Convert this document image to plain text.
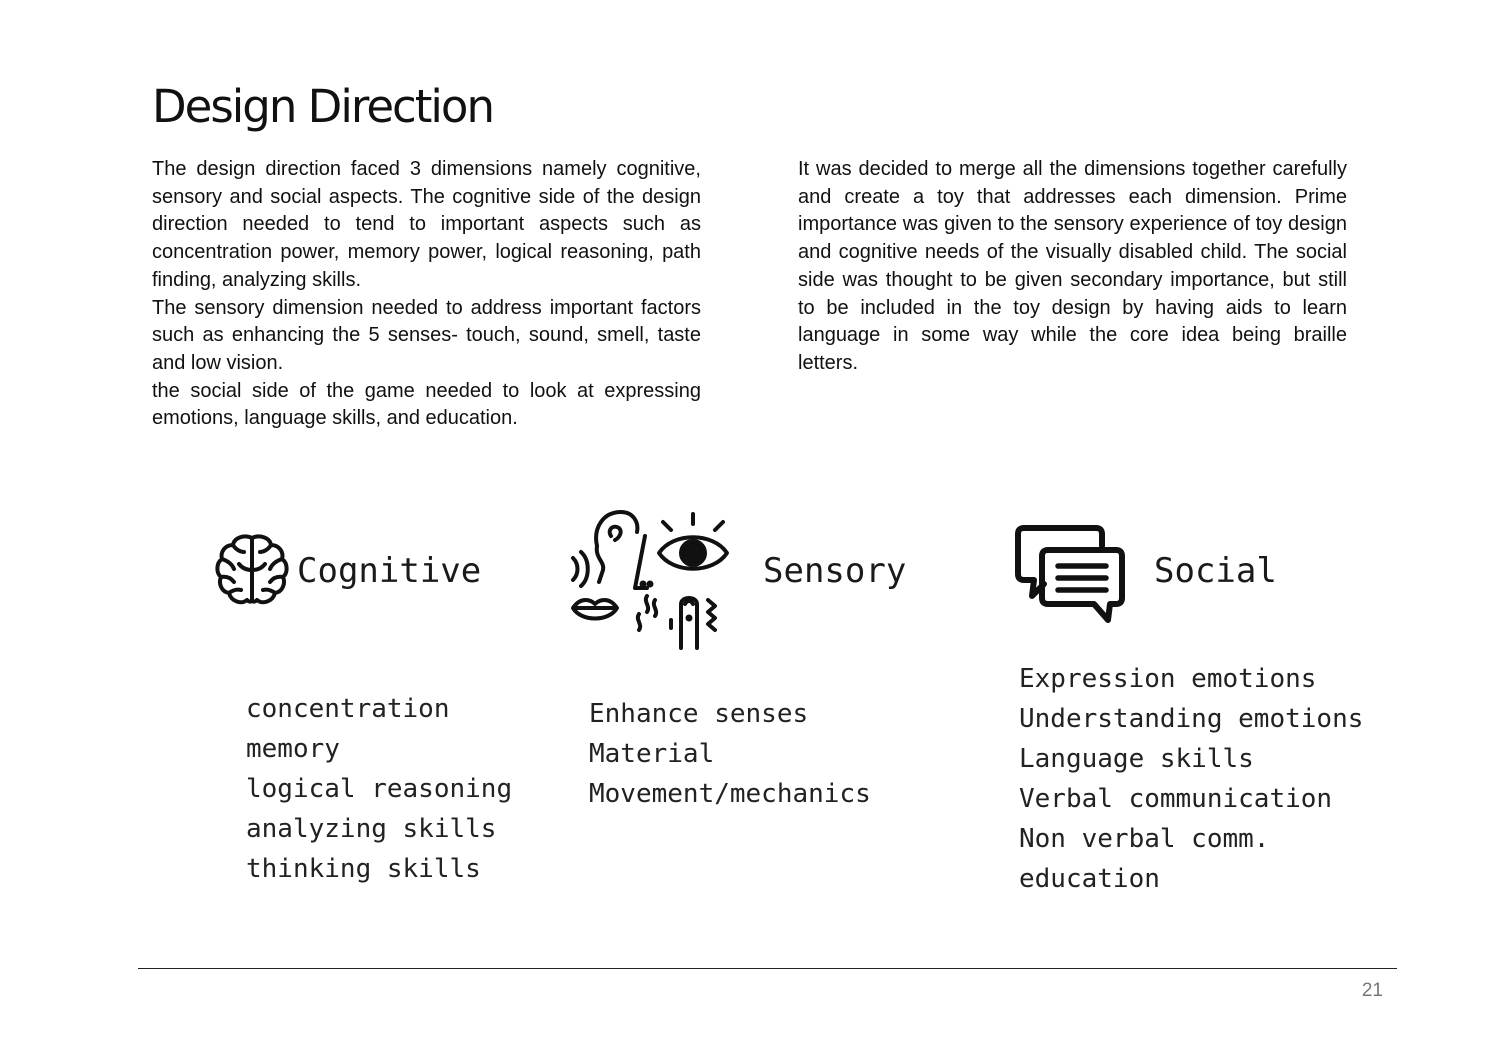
Design Direction

The design direction faced 3 dimensions namely cognitive, sensory and social aspects. The cognitive side of the design direction needed to tend to important aspects such as concentration power, memory power, logical reasoning, path finding, analyzing skills.

The sensory dimension needed to address important factors such as enhancing the 5 senses- touch, sound, smell, taste and low vision.

the social side of the game needed to look at expressing emotions, language skills, and education.

It was decided to merge all the dimensions together carefully and create a toy that addresses each dimension. Prime importance was given to the sensory experience of toy design and cognitive needs of the visually disabled child. The social side was thought to be given secondary importance, but still to be included in the toy design by having aids to learn language in some way while the core idea being braille letters.

Cognitive
concentration
memory
logical reasoning
analyzing skills
thinking skills
Sensory
Enhance senses
Material
Movement/mechanics
Social
Expression emotions
Understanding emotions
Language skills
Verbal communication
Non verbal comm.
education
21
